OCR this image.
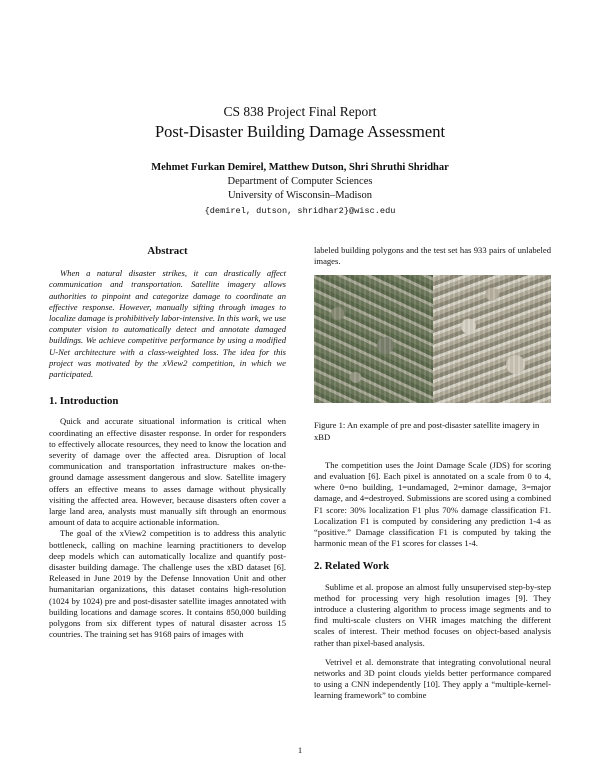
CS 838 Project Final Report
Post-Disaster Building Damage Assessment
Mehmet Furkan Demirel, Matthew Dutson, Shri Shruthi Shridhar
Department of Computer Sciences
University of Wisconsin–Madison
{demirel, dutson, shridhar2}@wisc.edu
Abstract

When a natural disaster strikes, it can drastically affect communication and transportation. Satellite imagery allows authorities to pinpoint and categorize damage to coordinate an effective response. However, manually sifting through images to localize damage is prohibitively labor-intensive. In this work, we use computer vision to automatically detect and annotate damaged buildings. We achieve competitive performance by using a modified U-Net architecture with a class-weighted loss. The idea for this project was motivated by the xView2 competition, in which we participated.

1. Introduction

Quick and accurate situational information is critical when coordinating an effective disaster response. In order for responders to effectively allocate resources, they need to know the location and severity of damage over the affected area. Disruption of local communication and transportation infrastructure makes on-the-ground damage assessment dangerous and slow. Satellite imagery offers an effective means to asses damage without physically visiting the affected area. However, because disasters often cover a large land area, analysts must manually sift through an enormous amount of data to acquire actionable information.

The goal of the xView2 competition is to address this analytic bottleneck, calling on machine learning practitioners to develop deep models which can automatically localize and quantify post-disaster building damage. The challenge uses the xBD dataset [6]. Released in June 2019 by the Defense Innovation Unit and other humanitarian organizations, this dataset contains high-resolution (1024 by 1024) pre and post-disaster satellite images annotated with building locations and damage scores. It contains 850,000 building polygons from six different types of natural disaster across 15 countries. The training set has 9168 pairs of images with

labeled building polygons and the test set has 933 pairs of unlabeled images.

Figure 1: An example of pre and post-disaster satellite imagery in xBD

The competition uses the Joint Damage Scale (JDS) for scoring and evaluation [6]. Each pixel is annotated on a scale from 0 to 4, where 0=no building, 1=undamaged, 2=minor damage, 3=major damage, and 4=destroyed. Submissions are scored using a combined F1 score: 30% localization F1 plus 70% damage classification F1. Localization F1 is computed by considering any prediction 1-4 as “positive.” Damage classification F1 is computed by taking the harmonic mean of the F1 scores for classes 1-4.

2. Related Work

Sublime et al. propose an almost fully unsupervised step-by-step method for processing very high resolution images [9]. They introduce a clustering algorithm to process image segments and to find multi-scale clusters on VHR images matching the different scales of interest. Their method focuses on object-based analysis rather than pixel-based analysis.

Vetrivel et al. demonstrate that integrating convolutional neural networks and 3D point clouds yields better performance compared to using a CNN independently [10]. They apply a “multiple-kernel-learning framework” to combine

1
